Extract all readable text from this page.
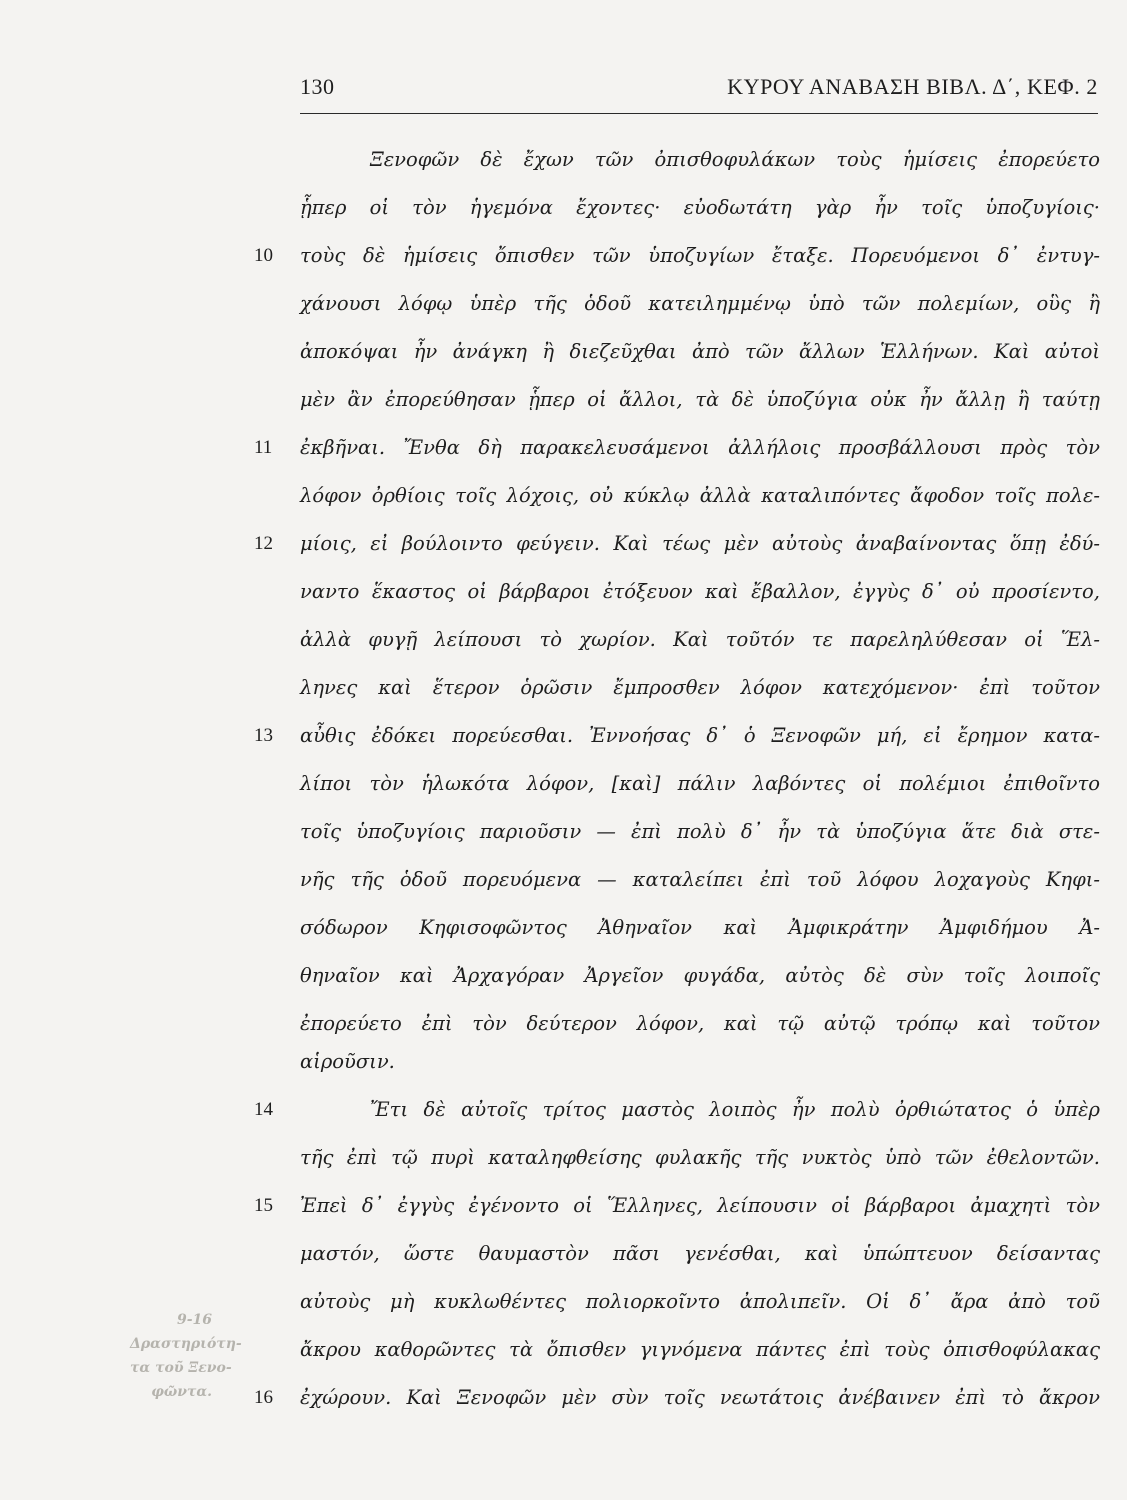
130	ΚΥΡΟΥ ΑΝΑΒΑΣΗ ΒΙΒΛ. Δ΄, ΚΕΦ. 2
Ξενοφῶν δὲ ἔχων τῶν ὀπισθοφυλάκων τοὺς ἡμίσεις ἐπορεύετο
ᾗπερ οἱ τὸν ἡγεμόνα ἔχοντες· εὐοδωτάτη γὰρ ἦν τοῖς ὑποζυγίοις·
10	τοὺς δὲ ἡμίσεις ὄπισθεν τῶν ὑποζυγίων ἔταξε. Πορευόμενοι δ᾽ ἐντυγ-
χάνουσι λόφῳ ὑπὲρ τῆς ὁδοῦ κατειλημμένῳ ὑπὸ τῶν πολεμίων, οὓς ἢ
ἀποκόψαι ἦν ἀνάγκη ἢ διεζεῦχθαι ἀπὸ τῶν ἄλλων Ἑλλήνων. Καὶ αὐτοὶ
μὲν ἂν ἐπορεύθησαν ᾗπερ οἱ ἄλλοι, τὰ δὲ ὑποζύγια οὐκ ἦν ἄλλῃ ἢ ταύτῃ
11	ἐκβῆναι. Ἔνθα δὴ παρακελευσάμενοι ἀλλήλοις προσβάλλουσι πρὸς τὸν
λόφον ὀρθίοις τοῖς λόχοις, οὐ κύκλῳ ἀλλὰ καταλιπόντες ἄφοδον τοῖς πολε-
12	μίοις, εἰ βούλοιντο φεύγειν. Καὶ τέως μὲν αὐτοὺς ἀναβαίνοντας ὅπῃ ἐδύ-
ναντο ἕκαστος οἱ βάρβαροι ἐτόξευον καὶ ἔβαλλον, ἐγγὺς δ᾽ οὐ προσίεντο,
ἀλλὰ φυγῇ λείπουσι τὸ χωρίον. Καὶ τοῦτόν τε παρεληλύθεσαν οἱ Ἕλ-
ληνες καὶ ἕτερον ὁρῶσιν ἔμπροσθεν λόφον κατεχόμενον· ἐπὶ τοῦτον
13	αὖθις ἐδόκει πορεύεσθαι. Ἐννοήσας δ᾽ ὁ Ξενοφῶν μή, εἰ ἔρημον κατα-
λίποι τὸν ἡλωκότα λόφον, [καὶ] πάλιν λαβόντες οἱ πολέμιοι ἐπιθοῖντο
τοῖς ὑποζυγίοις παριοῦσιν — ἐπὶ πολὺ δ᾽ ἦν τὰ ὑποζύγια ἅτε διὰ στε-
νῆς τῆς ὁδοῦ πορευόμενα — καταλείπει ἐπὶ τοῦ λόφου λοχαγοὺς Κηφι-
σόδωρον Κηφισοφῶντος Ἀθηναῖον καὶ Ἀμφικράτην Ἀμφιδήμου Ἀ-
θηναῖον καὶ Ἀρχαγόραν Ἀργεῖον φυγάδα, αὐτὸς δὲ σὺν τοῖς λοιποῖς
ἐπορεύετο ἐπὶ τὸν δεύτερον λόφον, καὶ τῷ αὐτῷ τρόπῳ καὶ τοῦτον
αἱροῦσιν.
14	Ἔτι δὲ αὐτοῖς τρίτος μαστὸς λοιπὸς ἦν πολὺ ὀρθιώτατος ὁ ὑπὲρ
τῆς ἐπὶ τῷ πυρὶ καταληφθείσης φυλακῆς τῆς νυκτὸς ὑπὸ τῶν ἐθελοντῶν.
15	Ἐπεὶ δ᾽ ἐγγὺς ἐγένοντο οἱ Ἕλληνες, λείπουσιν οἱ βάρβαροι ἀμαχητὶ τὸν
μαστόν, ὥστε θαυμαστὸν πᾶσι γενέσθαι, καὶ ὑπώπτευον δείσαντας
αὐτοὺς μὴ κυκλωθέντες πολιορκοῖντο ἀπολιπεῖν. Οἱ δ᾽ ἄρα ἀπὸ τοῦ
ἄκρου καθορῶντες τὰ ὄπισθεν γιγνόμενα πάντες ἐπὶ τοὺς ὀπισθοφύλακας
16	ἐχώρουν. Καὶ Ξενοφῶν μὲν σὺν τοῖς νεωτάτοις ἀνέβαινεν ἐπὶ τὸ ἄκρον
9-16
Δραστηριότη-
τα τοῦ Ξενο-
φῶντα.
